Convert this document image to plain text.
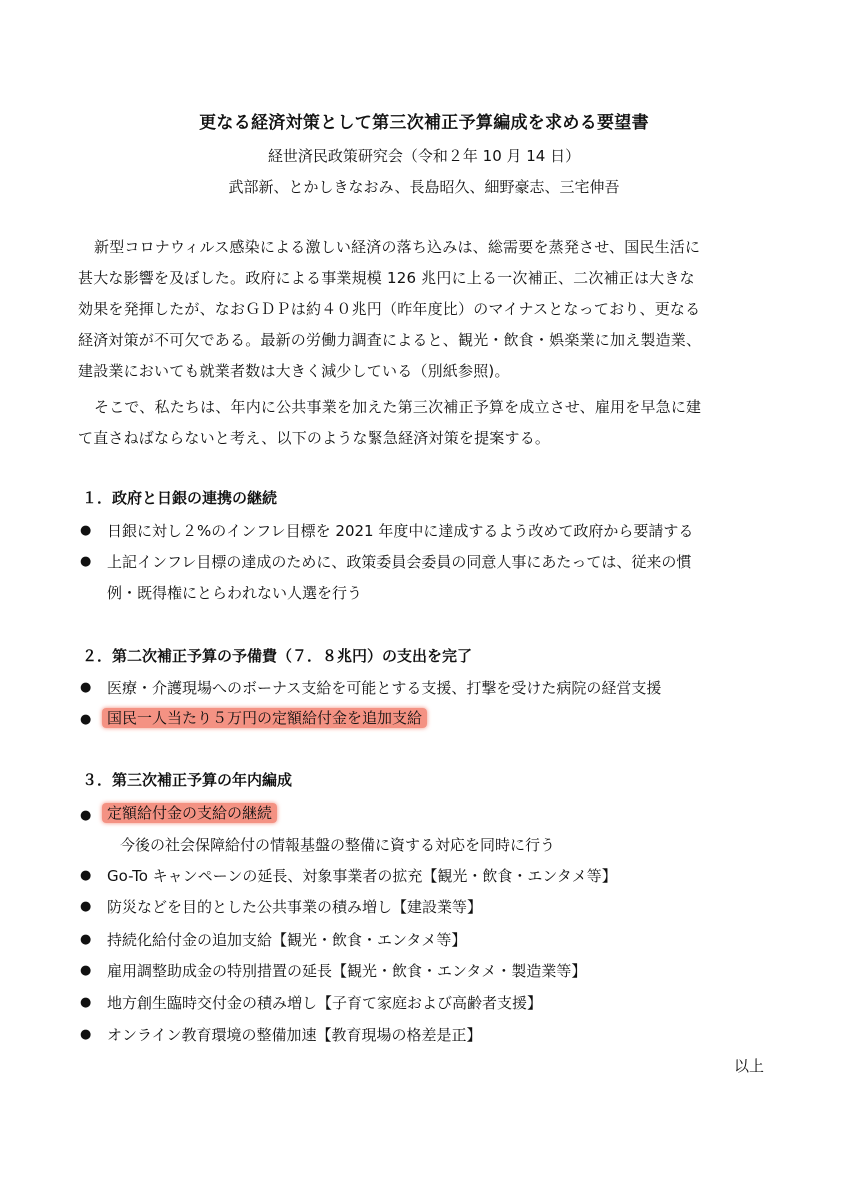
更なる経済対策として第三次補正予算編成を求める要望書
経世済民政策研究会（令和２年 10 月 14 日）
武部新、とかしきなおみ、長島昭久、細野豪志、三宅伸吾
新型コロナウィルス感染による激しい経済の落ち込みは、総需要を蒸発させ、国民生活に
甚大な影響を及ぼした。政府による事業規模 126 兆円に上る一次補正、二次補正は大きな
効果を発揮したが、なおＧＤＰは約４０兆円（昨年度比）のマイナスとなっており、更なる
経済対策が不可欠である。最新の労働力調査によると、観光・飲食・娯楽業に加え製造業、
建設業においても就業者数は大きく減少している（別紙参照)。
そこで、私たちは、年内に公共事業を加えた第三次補正予算を成立させ、雇用を早急に建
て直さねばならないと考え、以下のような緊急経済対策を提案する。
１．政府と日銀の連携の継続
● 日銀に対し２%のインフレ目標を 2021 年度中に達成するよう改めて政府から要請する
● 上記インフレ目標の達成のために、政策委員会委員の同意人事にあたっては、従来の慣
例・既得権にとらわれない人選を行う
２．第二次補正予算の予備費（７．８兆円）の支出を完了
● 医療・介護現場へのボーナス支給を可能とする支援、打撃を受けた病院の経営支援
●	国民一人当たり５万円の定額給付金を追加支給
３．第三次補正予算の年内編成
●	定額給付金の支給の継続
今後の社会保障給付の情報基盤の整備に資する対応を同時に行う
● Go-To キャンペーンの延長、対象事業者の拡充【観光・飲食・エンタメ等】
● 防災などを目的とした公共事業の積み増し【建設業等】
● 持続化給付金の追加支給【観光・飲食・エンタメ等】
● 雇用調整助成金の特別措置の延長【観光・飲食・エンタメ・製造業等】
● 地方創生臨時交付金の積み増し【子育て家庭および高齢者支援】
● オンライン教育環境の整備加速【教育現場の格差是正】
以上
